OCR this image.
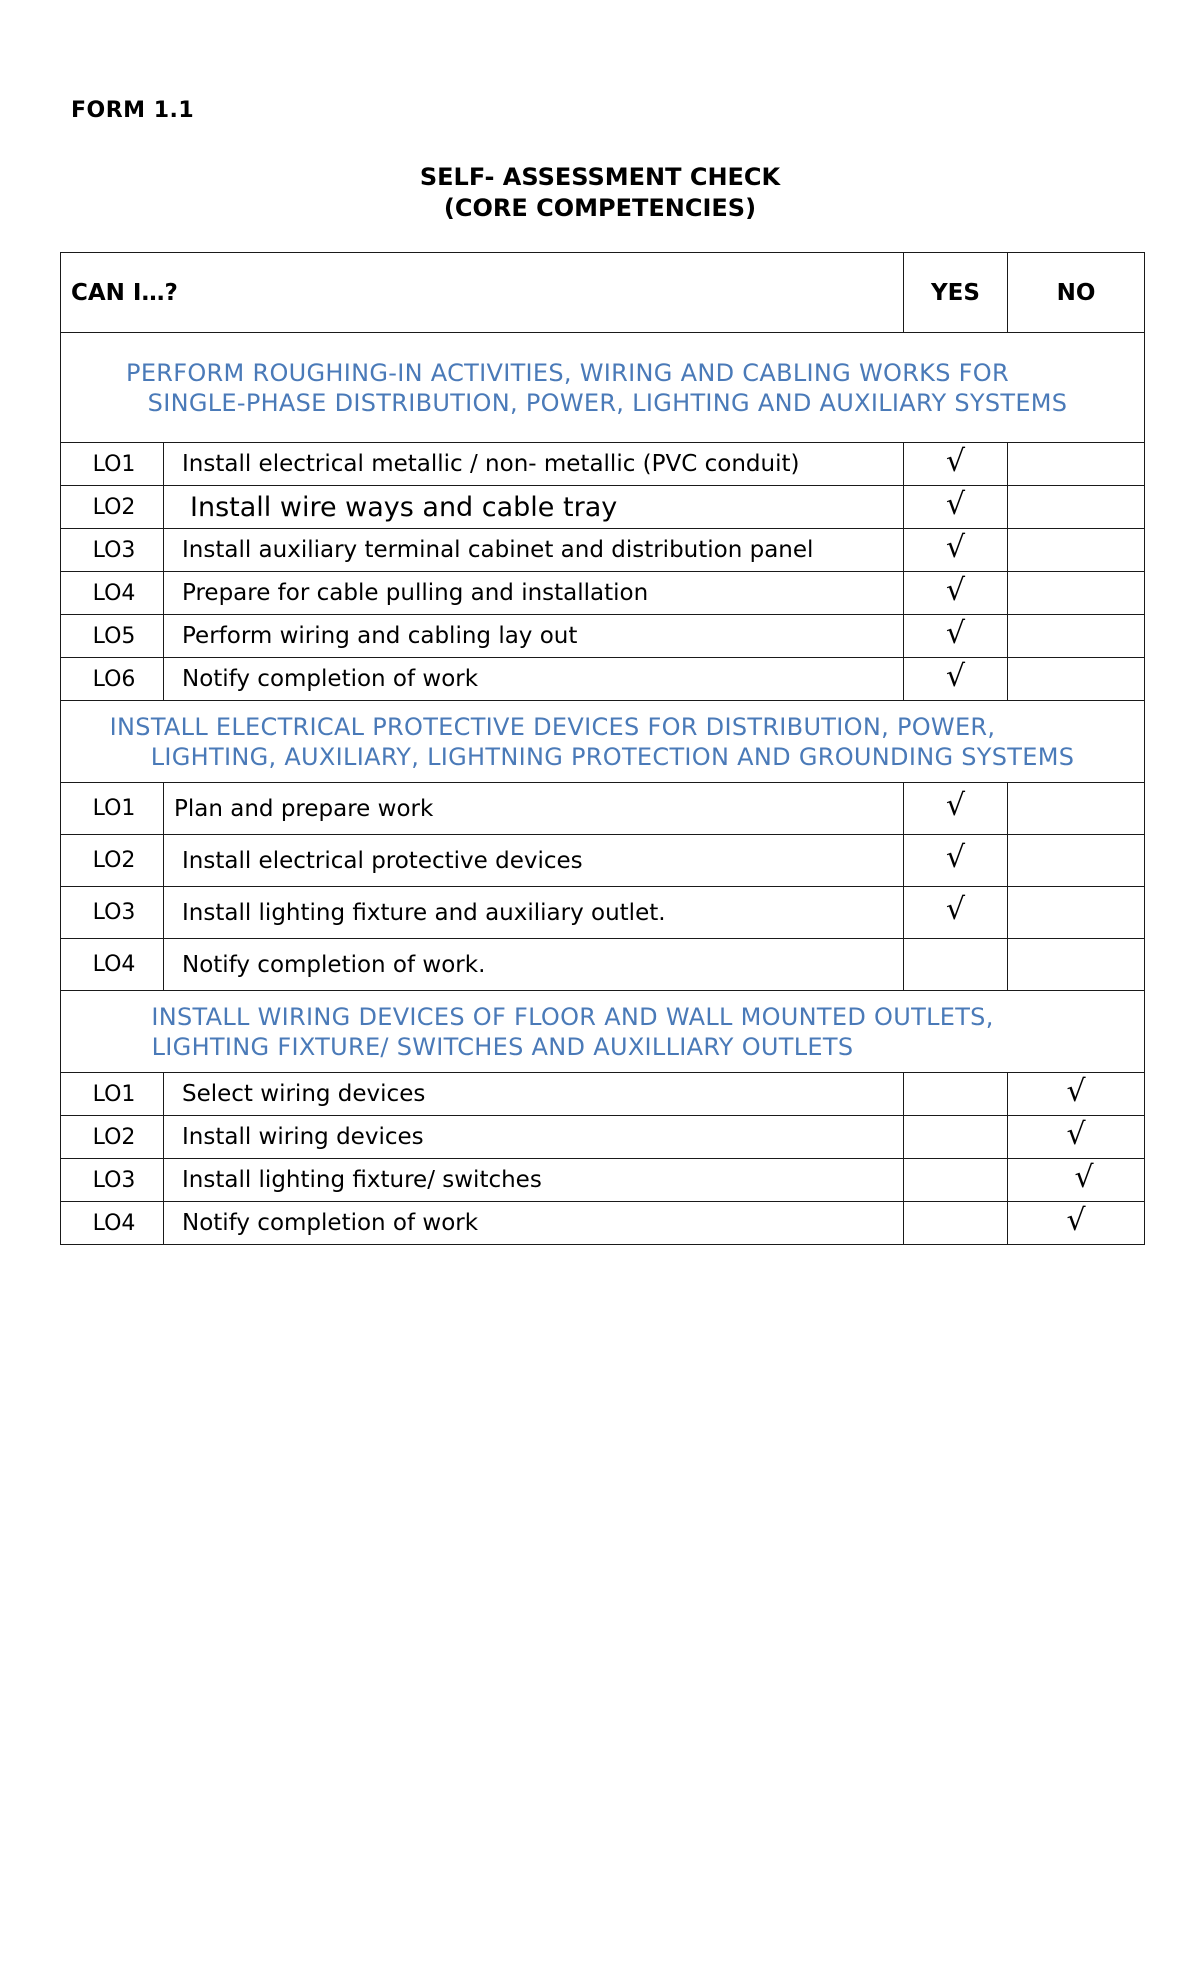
FORM 1.1
SELF- ASSESSMENT CHECK
(CORE COMPETENCIES)
CAN I…?		YES	NO

PERFORM ROUGHING-IN ACTIVITIES, WIRING AND CABLING WORKS FOR
SINGLE-PHASE DISTRIBUTION, POWER, LIGHTING AND AUXILIARY SYSTEMS			

LO1	Install electrical metallic / non- metallic (PVC conduit)	√	
LO2	Install wire ways and cable tray	√	
LO3	Install auxiliary terminal cabinet and distribution panel	√	
LO4	Prepare for cable pulling and installation	√	
LO5	Perform wiring and cabling lay out	√	
LO6	Notify completion of work	√	

INSTALL ELECTRICAL PROTECTIVE DEVICES FOR DISTRIBUTION, POWER,
LIGHTING, AUXILIARY, LIGHTNING PROTECTION AND GROUNDING SYSTEMS			

LO1	Plan and prepare work	√	
LO2	Install electrical protective devices	√	
LO3	Install lighting fixture and auxiliary outlet.	√	
LO4	Notify completion of work.		

INSTALL WIRING DEVICES OF FLOOR AND WALL MOUNTED OUTLETS,
LIGHTING FIXTURE/ SWITCHES AND AUXILLIARY OUTLETS			

LO1	Select wiring devices		√
LO2	Install wiring devices		√
LO3	Install lighting fixture/ switches		√
LO4	Notify completion of work		√
